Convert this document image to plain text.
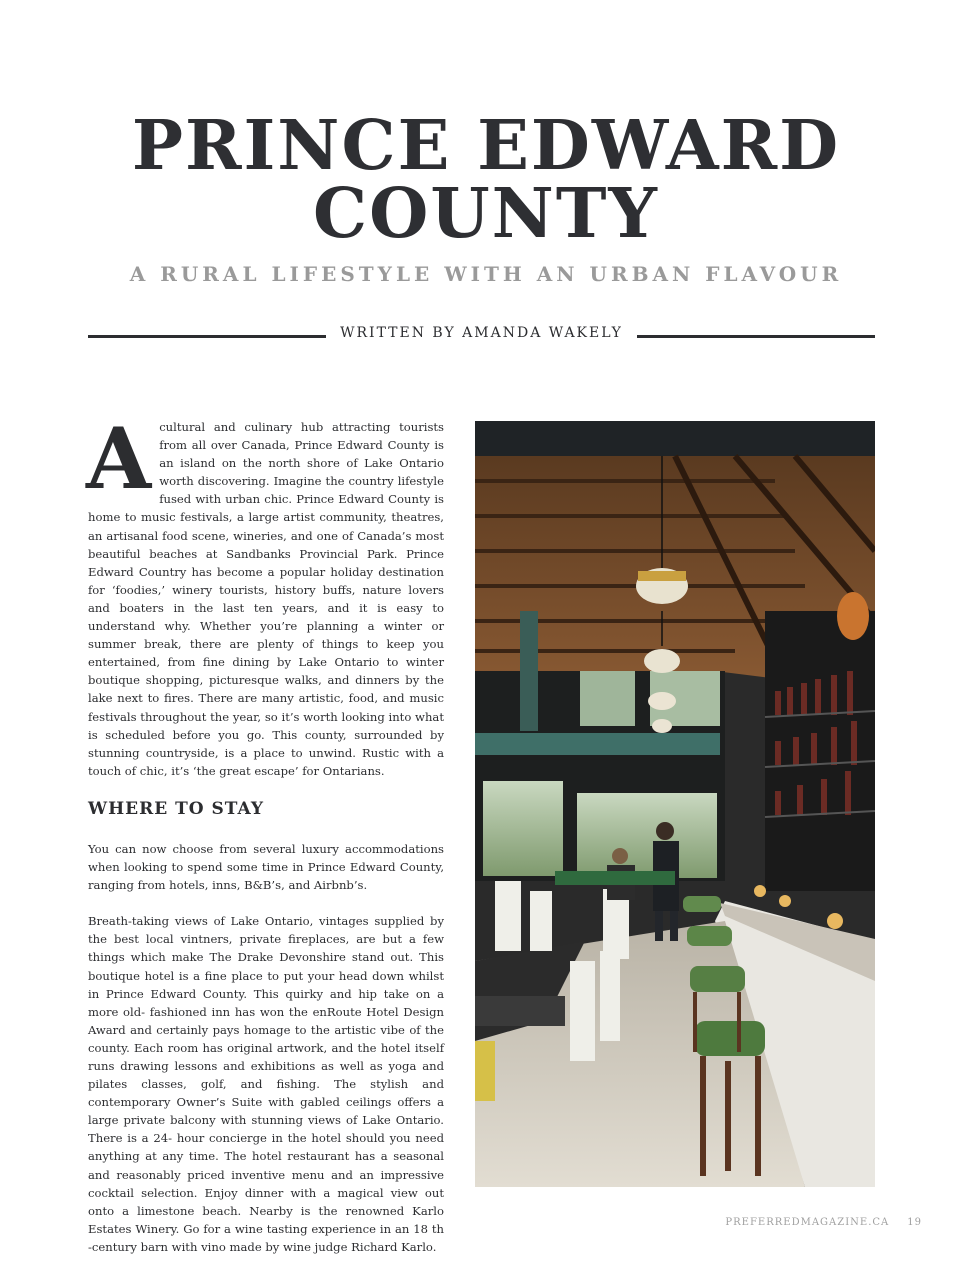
PRINCE EDWARD
COUNTY
A RURAL LIFESTYLE WITH AN URBAN FLAVOUR
WRITTEN BY AMANDA WAKELY

Acultural and culinary hub attracting tourists from all over Canada, Prince Edward County is an island on the north shore of Lake Ontario worth discovering. Imagine the country lifestyle fused with urban chic. Prince Edward County is home to music festivals, a large artist community, theatres, an artisanal food scene, wineries, and one of Canada’s most beautiful beaches at Sandbanks Provincial Park. Prince Edward Country has become a popular holiday destination for ‘foodies,’ winery tourists, history buffs, nature lovers and boaters in the last ten years, and it is easy to understand why. Whether you’re planning a winter or summer break, there are plenty of things to keep you entertained, from fine dining by Lake Ontario to winter boutique shopping, picturesque walks, and dinners by the lake next to fires. There are many artistic, food, and music festivals throughout the year, so it’s worth looking into what is scheduled before you go. This county, surrounded by stunning countryside, is a place to unwind. Rustic with a touch of chic, it’s ‘the great escape’ for Ontarians.

WHERE TO STAY

You can now choose from several luxury accommodations when looking to spend some time in Prince Edward County, ranging from hotels, inns, B&B’s, and Airbnb’s.

Breath-taking views of Lake Ontario, vintages supplied by the best local vintners, private fireplaces, are but a few things which make The Drake Devonshire stand out. This boutique hotel is a fine place to put your head down whilst in Prince Edward County. This quirky and hip take on a more old- fashioned inn has won the enRoute Hotel Design Award and certainly pays homage to the artistic vibe of the county. Each room has original artwork, and the hotel itself runs drawing lessons and exhibitions as well as yoga and pilates classes, golf, and fishing. The stylish and contemporary Owner’s Suite with gabled ceilings offers a large private balcony with stunning views of Lake Ontario. There is a 24- hour concierge in the hotel should you need anything at any time. The hotel restaurant has a seasonal and reasonably priced inventive menu and an impressive cocktail selection. Enjoy dinner with a magical view out onto a limestone beach. Nearby is the renowned Karlo Estates Winery. Go for a wine tasting experience in an 18 th -century barn with vino made by wine judge Richard Karlo.

PREFERREDMAGAZINE.CA 19
